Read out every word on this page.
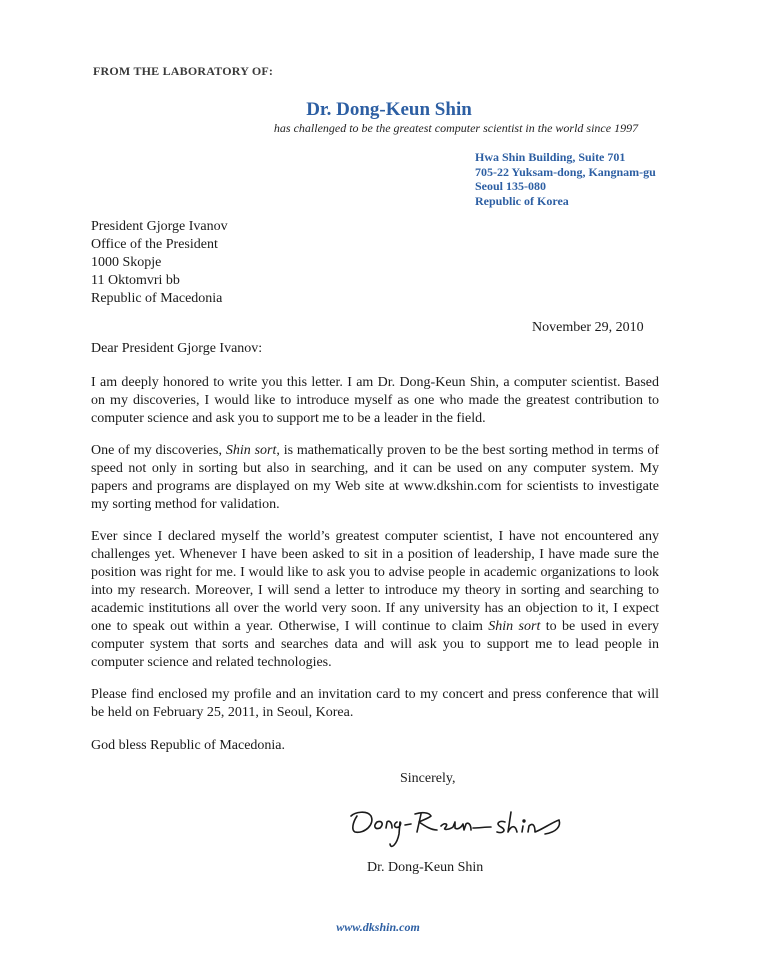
FROM THE LABORATORY OF:
Dr. Dong-Keun Shin
has challenged to be the greatest computer scientist in the world since 1997
Hwa Shin Building, Suite 701
705-22 Yuksam-dong, Kangnam-gu
Seoul 135-080
Republic of Korea
President Gjorge Ivanov
Office of the President
1000 Skopje
11 Oktomvri bb
Republic of Macedonia
November 29, 2010
Dear President Gjorge Ivanov:
I am deeply honored to write you this letter. I am Dr. Dong-Keun Shin, a computer scientist. Based on my discoveries, I would like to introduce myself as one who made the greatest contribution to computer science and ask you to support me to be a leader in the field.
One of my discoveries, Shin sort, is mathematically proven to be the best sorting method in terms of speed not only in sorting but also in searching, and it can be used on any computer system. My papers and programs are displayed on my Web site at www.dkshin.com for scientists to investigate my sorting method for validation.
Ever since I declared myself the world’s greatest computer scientist, I have not encountered any challenges yet. Whenever I have been asked to sit in a position of leadership, I have made sure the position was right for me. I would like to ask you to advise people in academic organizations to look into my research. Moreover, I will send a letter to introduce my theory in sorting and searching to academic institutions all over the world very soon. If any university has an objection to it, I expect one to speak out within a year. Otherwise, I will continue to claim Shin sort to be used in every computer system that sorts and searches data and will ask you to support me to lead people in computer science and related technologies.
Please find enclosed my profile and an invitation card to my concert and press conference that will be held on February 25, 2011, in Seoul, Korea.
God bless Republic of Macedonia.
Sincerely,
Dr. Dong-Keun Shin
www.dkshin.com
